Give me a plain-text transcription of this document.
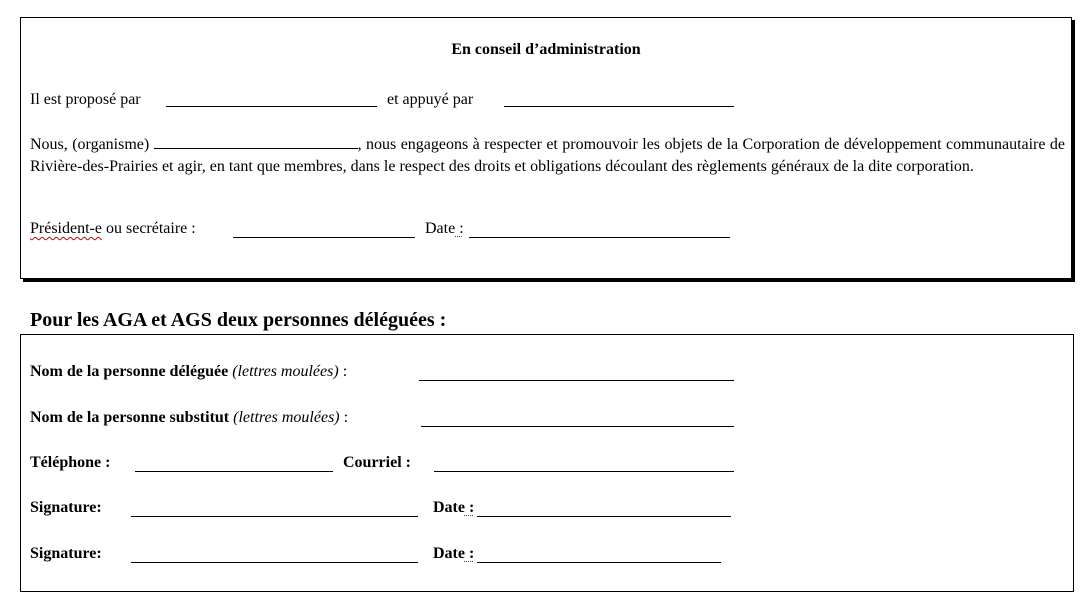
En conseil d’administration
Il est proposé par	et appuyé par
Nous, (organisme)	, nous engageons à respecter et promouvoir les objets de la Corporation de développement communautaire de Rivière-des-Prairies et agir, en tant que membres, dans le respect des droits et obligations découlant des règlements généraux de la dite corporation.
Président-e ou secrétaire :	Date :
Pour les AGA et AGS deux personnes déléguées :
Nom de la personne déléguée (lettres moulées) :
Nom de la personne substitut (lettres moulées) :
Téléphone :	Courriel :
Signature:	Date :
Signature:	Date :
